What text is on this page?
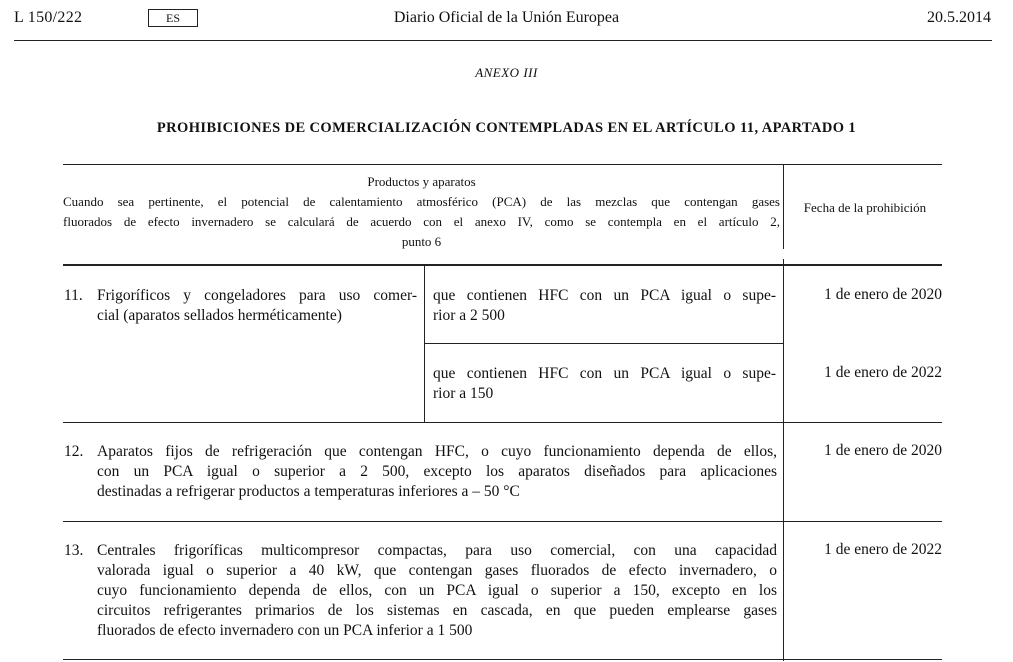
L 150/222	ES	Diario Oficial de la Unión Europea	20.5.2014
ANEXO III
PROHIBICIONES DE COMERCIALIZACIÓN CONTEMPLADAS EN EL ARTÍCULO 11, APARTADO 1
Productos y aparatos
Cuando sea pertinente, el potencial de calentamiento atmosférico (PCA) de las mezclas que contengan gases
fluorados de efecto invernadero se calculará de acuerdo con el anexo IV, como se contempla en el artículo 2,
punto 6
Fecha de la prohibición
11. Frigoríficos y congeladores para uso comer-
cial (aparatos sellados herméticamente)
que contienen HFC con un PCA igual o supe-
rior a 2 500
1 de enero de 2020
que contienen HFC con un PCA igual o supe-
rior a 150
1 de enero de 2022
12. Aparatos fijos de refrigeración que contengan HFC, o cuyo funcionamiento dependa de ellos,
con un PCA igual o superior a 2 500, excepto los aparatos diseñados para aplicaciones
destinadas a refrigerar productos a temperaturas inferiores a – 50 °C
1 de enero de 2020
13. Centrales frigoríficas multicompresor compactas, para uso comercial, con una capacidad
valorada igual o superior a 40 kW, que contengan gases fluorados de efecto invernadero, o
cuyo funcionamiento dependa de ellos, con un PCA igual o superior a 150, excepto en los
circuitos refrigerantes primarios de los sistemas en cascada, en que pueden emplearse gases
fluorados de efecto invernadero con un PCA inferior a 1 500
1 de enero de 2022
